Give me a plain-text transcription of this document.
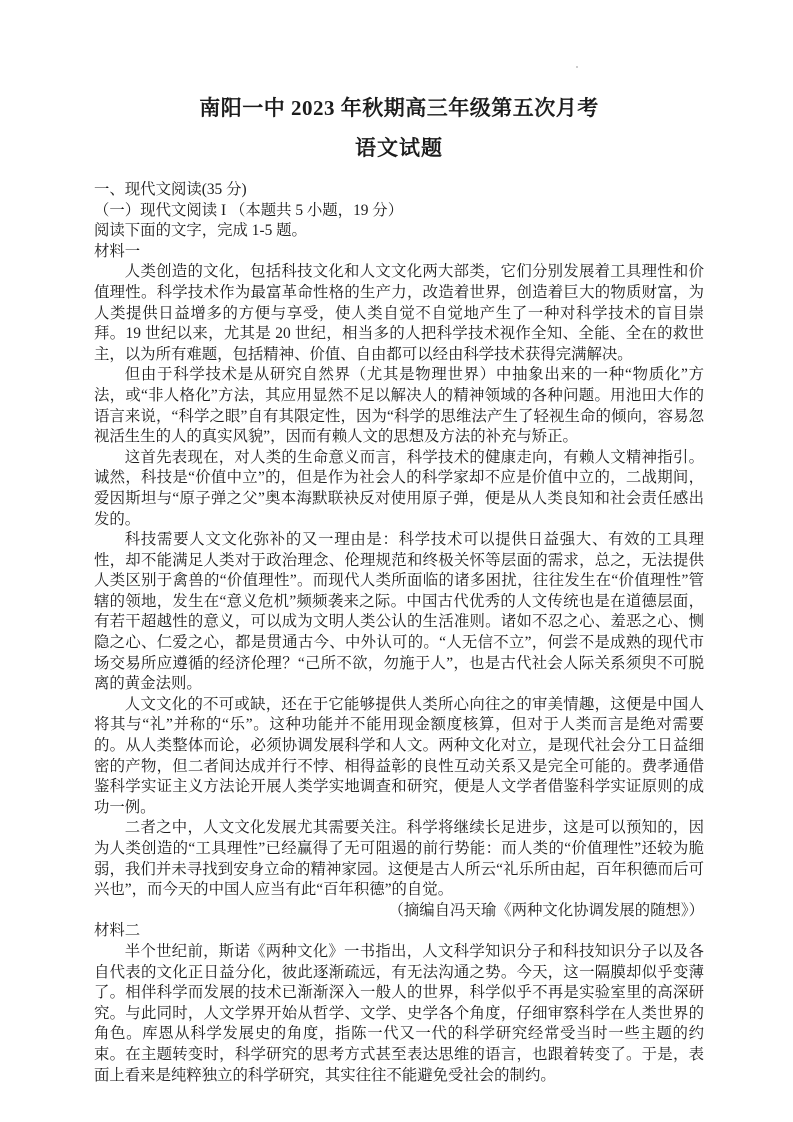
南阳一中 2023 年秋期高三年级第五次月考
语文试题

一、现代文阅读(35 分)

（一）现代文阅读 I （本题共 5 小题，19 分）

阅读下面的文字，完成 1-5 题。

材料一

人类创造的文化，包括科技文化和人文文化两大部类，它们分别发展着工具理性和价值理性。科学技术作为最富革命性格的生产力，改造着世界，创造着巨大的物质财富，为人类提供日益增多的方便与享受，使人类自觉不自觉地产生了一种对科学技术的盲目崇拜。19 世纪以来，尤其是 20 世纪，相当多的人把科学技术视作全知、全能、全在的救世主，以为所有难题，包括精神、价值、自由都可以经由科学技术获得完满解决。

但由于科学技术是从研究自然界（尤其是物理世界）中抽象出来的一种“物质化”方法，或“非人格化”方法，其应用显然不足以解决人的精神领域的各种问题。用池田大作的语言来说，“科学之眼”自有其限定性，因为“科学的思维法产生了轻视生命的倾向，容易忽视活生生的人的真实风貌”，因而有赖人文的思想及方法的补充与矫正。

这首先表现在，对人类的生命意义而言，科学技术的健康走向，有赖人文精神指引。诚然，科技是“价值中立”的，但是作为社会人的科学家却不应是价值中立的，二战期间，爱因斯坦与“原子弹之父”奥本海默联袂反对使用原子弹，便是从人类良知和社会责任感出发的。

科技需要人文文化弥补的又一理由是：科学技术可以提供日益强大、有效的工具理性，却不能满足人类对于政治理念、伦理规范和终极关怀等层面的需求，总之，无法提供人类区别于禽兽的“价值理性”。而现代人类所面临的诸多困扰，往往发生在“价值理性”管辖的领地，发生在“意义危机”频频袭来之际。中国古代优秀的人文传统也是在道德层面，有若干超越性的意义，可以成为文明人类公认的生活准则。诸如不忍之心、羞恶之心、恻隐之心、仁爱之心，都是贯通古今、中外认可的。“人无信不立”，何尝不是成熟的现代市场交易所应遵循的经济伦理？“己所不欲，勿施于人”，也是古代社会人际关系须臾不可脱离的黄金法则。

人文文化的不可或缺，还在于它能够提供人类所心向往之的审美情趣，这便是中国人将其与“礼”并称的“乐”。这种功能并不能用现金额度核算，但对于人类而言是绝对需要的。从人类整体而论，必须协调发展科学和人文。两种文化对立，是现代社会分工日益细密的产物，但二者间达成并行不悖、相得益彰的良性互动关系又是完全可能的。费孝通借鉴科学实证主义方法论开展人类学实地调查和研究，便是人文学者借鉴科学实证原则的成功一例。

二者之中，人文文化发展尤其需要关注。科学将继续长足进步，这是可以预知的，因为人类创造的“工具理性”已经赢得了无可阻遏的前行势能：而人类的“价值理性”还较为脆弱，我们并未寻找到安身立命的精神家园。这便是古人所云“礼乐所由起，百年积德而后可兴也”，而今天的中国人应当有此“百年积德”的自觉。

（摘编自冯天瑜《两种文化协调发展的随想》）

材料二

半个世纪前，斯诺《两种文化》一书指出，人文科学知识分子和科技知识分子以及各自代表的文化正日益分化，彼此逐渐疏远，有无法沟通之势。今天，这一隔膜却似乎变薄了。相伴科学而发展的技术已渐渐深入一般人的世界，科学似乎不再是实验室里的高深研究。与此同时，人文学界开始从哲学、文学、史学各个角度，仔细审察科学在人类世界的角色。库恩从科学发展史的角度，指陈一代又一代的科学研究经常受当时一些主题的约束。在主题转变时，科学研究的思考方式甚至表达思维的语言，也跟着转变了。于是，表面上看来是纯粹独立的科学研究，其实往往不能避免受社会的制约。
